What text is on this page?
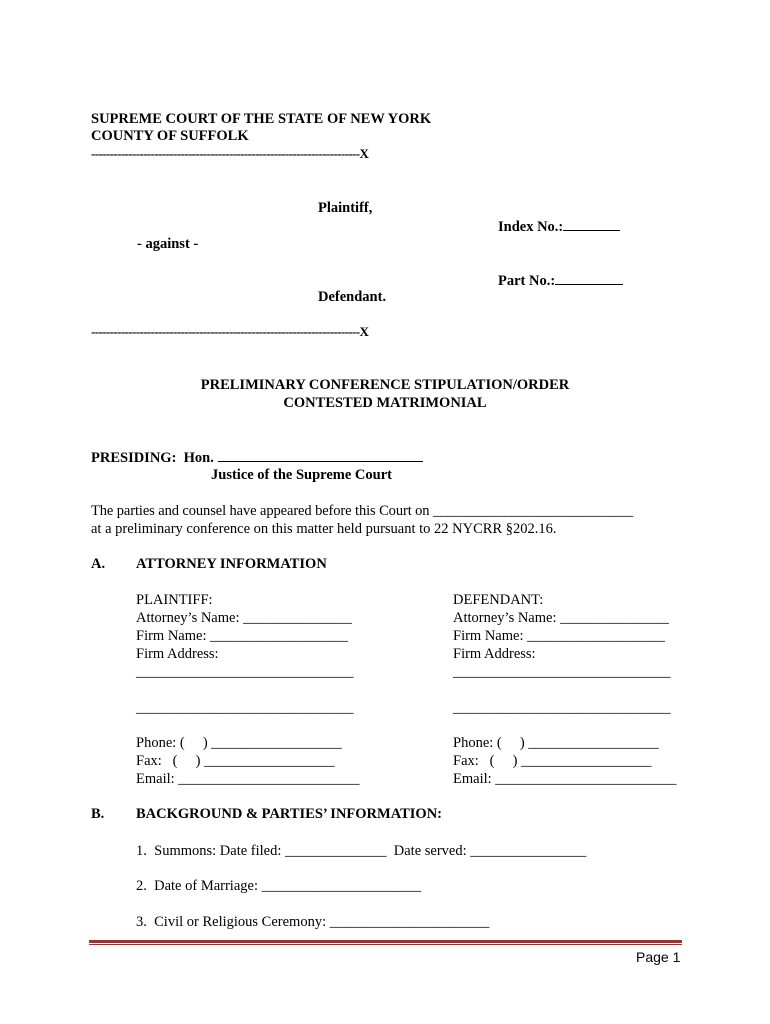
SUPREME COURT OF THE STATE OF NEW YORK
COUNTY OF SUFFOLK
------------------------------------------------------------------------X
Plaintiff,
Index No.:
- against -
Part No.:
Defendant.
------------------------------------------------------------------------X
PRELIMINARY CONFERENCE STIPULATION/ORDER
CONTESTED MATRIMONIAL
PRESIDING:  Hon.
Justice of the Supreme Court
The parties and counsel have appeared before this Court on ____________________________
at a preliminary conference on this matter held pursuant to 22 NYCRR §202.16.
A. ATTORNEY INFORMATION
PLAINTIFF:
Attorney’s Name: _______________
Firm Name: ___________________
Firm Address:
______________________________
______________________________
Phone: (     ) __________________
Fax:   (     ) __________________
Email: _________________________
DEFENDANT:
Attorney’s Name: _______________
Firm Name: ___________________
Firm Address:
______________________________
______________________________
Phone: (     ) __________________
Fax:   (     ) __________________
Email: _________________________
B. BACKGROUND & PARTIES’ INFORMATION:
1.  Summons: Date filed: ______________  Date served: ________________
2.  Date of Marriage: ______________________
3.  Civil or Religious Ceremony: ______________________
Page 1
